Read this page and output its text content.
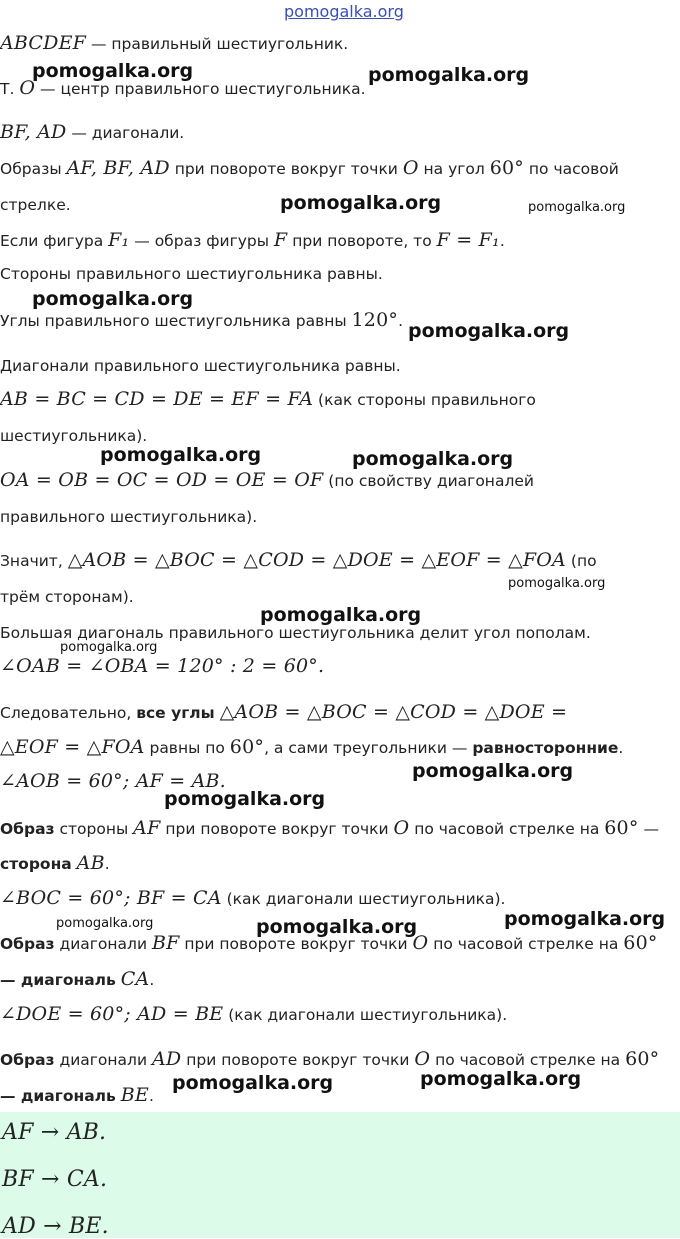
pomogalka.org
ABCDEF — правильный шестиугольник.
Т. O — центр правильного шестиугольника.
BF, AD — диагонали.
Образы AF, BF, AD при повороте вокруг точки O на угол 60° по часовой
стрелке.
Если фигура F₁ — образ фигуры F при повороте, то F = F₁.
Стороны правильного шестиугольника равны.
Углы правильного шестиугольника равны 120°.
Диагонали правильного шестиугольника равны.
AB = BC = CD = DE = EF = FA (как стороны правильного
шестиугольника).
OA = OB = OC = OD = OE = OF (по свойству диагоналей
правильного шестиугольника).
Значит, △AOB = △BOC = △COD = △DOE = △EOF = △FOA (по
трём сторонам).
Большая диагональ правильного шестиугольника делит угол пополам.
∠OAB = ∠OBA = 120° : 2 = 60°.
Следовательно, все углы △AOB = △BOC = △COD = △DOE =
△EOF = △FOA равны по 60°, а сами треугольники — равносторонние.
∠AOB = 60°; AF = AB.
Образ стороны AF при повороте вокруг точки O по часовой стрелке на 60° —
сторона AB.
∠BOC = 60°; BF = CA (как диагонали шестиугольника).
Образ диагонали BF при повороте вокруг точки O по часовой стрелке на 60°
— диагональ CA.
∠DOE = 60°; AD = BE (как диагонали шестиугольника).
Образ диагонали AD при повороте вокруг точки O по часовой стрелке на 60°
— диагональ BE.
AF → AB.
BF → CA.
AD → BE.
pomogalka.org	pomogalka.org
pomogalka.org	pomogalka.org
pomogalka.org
pomogalka.org
pomogalka.org	pomogalka.org
pomogalka.org
pomogalka.org
pomogalka.org
pomogalka.org
pomogalka.org
pomogalka.org	pomogalka.org	pomogalka.org
pomogalka.org	pomogalka.org
